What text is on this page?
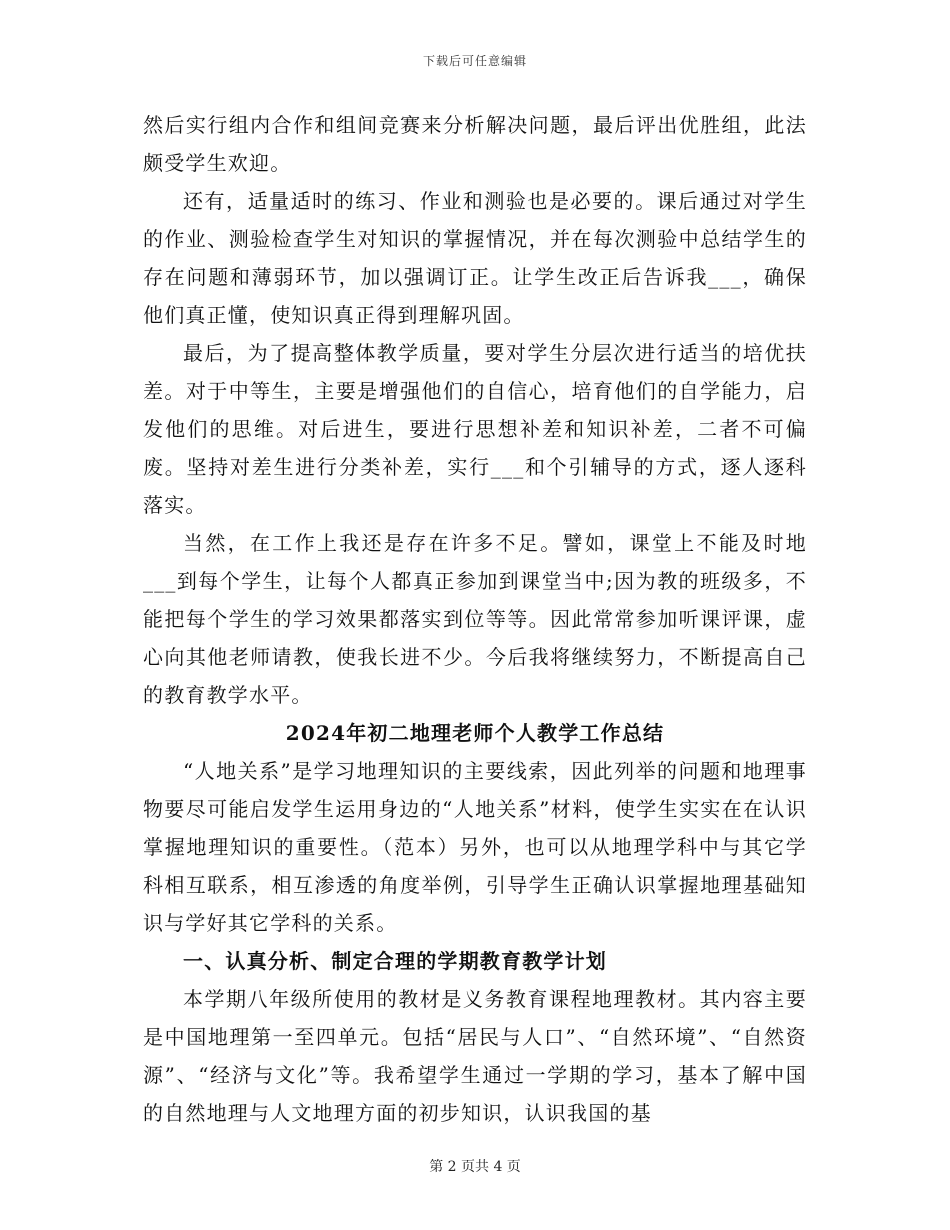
下载后可任意编辑

然后实行组内合作和组间竞赛来分析解决问题，最后评出优胜组，此法颇受学生欢迎。

还有，适量适时的练习、作业和测验也是必要的。课后通过对学生的作业、测验检查学生对知识的掌握情况，并在每次测验中总结学生的存在问题和薄弱环节，加以强调订正。让学生改正后告诉我___，确保他们真正懂，使知识真正得到理解巩固。

最后，为了提高整体教学质量，要对学生分层次进行适当的培优扶差。对于中等生，主要是增强他们的自信心，培育他们的自学能力，启发他们的思维。对后进生，要进行思想补差和知识补差，二者不可偏废。坚持对差生进行分类补差，实行___和个引辅导的方式，逐人逐科落实。

当然，在工作上我还是存在许多不足。譬如，课堂上不能及时地___到每个学生，让每个人都真正参加到课堂当中;因为教的班级多，不能把每个学生的学习效果都落实到位等等。因此常常参加听课评课，虚心向其他老师请教，使我长进不少。今后我将继续努力，不断提高自己的教育教学水平。

2024年初二地理老师个人教学工作总结

“人地关系”是学习地理知识的主要线索，因此列举的问题和地理事物要尽可能启发学生运用身边的“人地关系”材料，使学生实实在在认识掌握地理知识的重要性。（范本）另外，也可以从地理学科中与其它学科相互联系，相互渗透的角度举例，引导学生正确认识掌握地理基础知识与学好其它学科的关系。

一、认真分析、制定合理的学期教育教学计划

本学期八年级所使用的教材是义务教育课程地理教材。其内容主要是中国地理第一至四单元。包括“居民与人口”、“自然环境”、“自然资源”、“经济与文化”等。我希望学生通过一学期的学习，基本了解中国的自然地理与人文地理方面的初步知识，认识我国的基

第 2 页共 4 页
